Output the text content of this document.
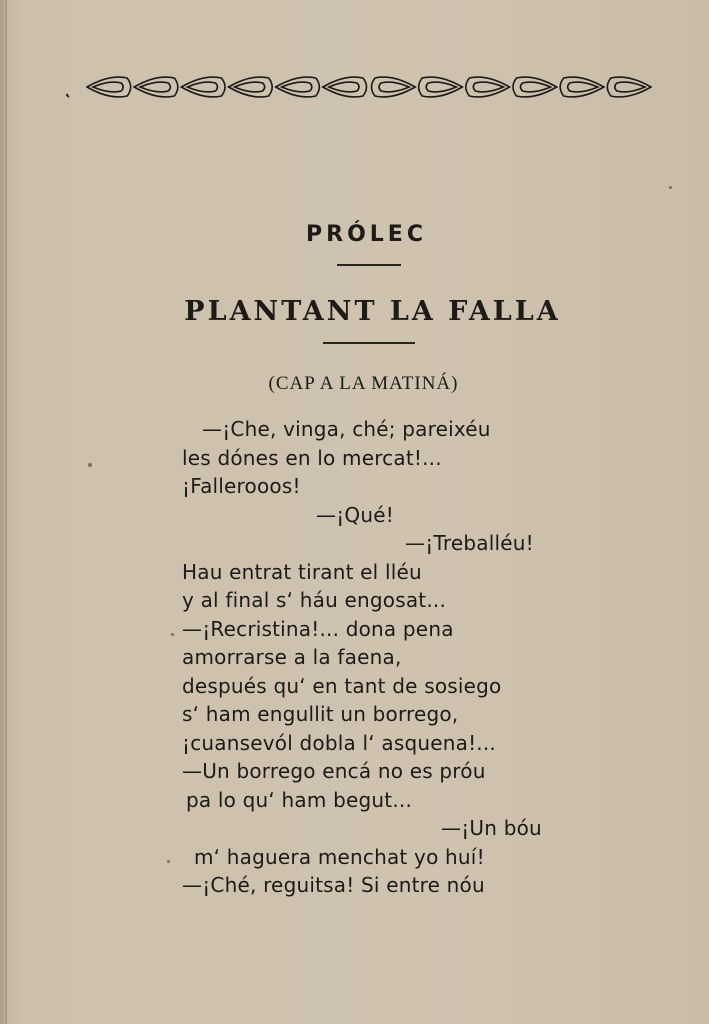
PRÓLEC
PLANTANT LA FALLA
(CAP A LA MATINÁ)
—¡Che, vinga, ché; pareixéu
les dónes en lo mercat!...
¡Fallerooos!
—¡Qué!
—¡Treballéu!
Hau entrat tirant el lléu
y al final s‘ háu engosat...
—¡Recristina!... dona pena
amorrarse a la faena,
después qu‘ en tant de sosiego
s‘ ham engullit un borrego,
¡cuansevól dobla l‘ asquena!...
—Un borrego encá no es próu
pa lo qu‘ ham begut...
—¡Un bóu
m‘ haguera menchat yo huí!
—¡Ché, reguitsa! Si entre nóu
